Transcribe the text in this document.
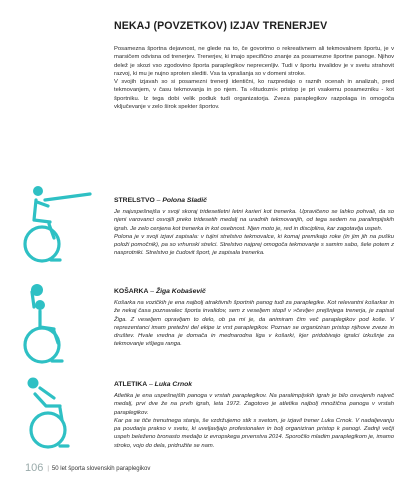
NEKAJ (POVZETKOV) IZJAV TRENERJEV

Posamezna športna dejavnost, ne glede na to, če govorimo o rekreativnem ali tekmovalnem športu, je v marsičem odvisna od trenerjev. Trenerjev, ki imajo specifično znanje za posamezne športne panoge. Njihov delež je skozi vso zgodovino športa paraplegikov neprecenljiv. Tudi v športu invalidov je v svetu strahovit razvoj, ki mu je nujno sproten slediti. Vsa ta vprašanja so v domeni stroke.

V svojih izjavah so si posamezni trenerji identični, ko razpredajo o raznih ocenah in analizah, pred tekmovanjem, v času tekmovanja in po njem. Ta »študozni« pristop je pri vsakemu posamezniku - kot športniku. Iz tega dobi velik podiuk tudi organizatorja. Zveza paraplegikov razpolaga in omogoča vključevanje v zelo širok spekter športov.

STRELSTVO – Polona Sladič

Je najuspešnejša v svoji skoraj tridesetletni letni karieri kot trenerka. Upravičeno se lahko pohvali, da so njeni varovanci osvojili preko tridesetih medalj na uradnih tekmovanjih, od tega sedem na paralimpijskih igrah. Je zelo cenjena kot trenerka in kot osebnost. Njen moto je, red in disciplina, kar zagotavlja uspeh.

Polona je v svoji izjavi zapisala: v tujini strelstvo tekmovalce, ki komaj premikajo roke (in jim jih na pušku položi pomočnik), pa so vrhunski strelci. Strelstvo najprej omogoča tekmovanje s samim sabo, šele potem z nasprotniki. Strelstvo je čudovit šport, je zapisala trenerka.

KOŠARKA – Žiga Kobaševič

Košarka na vozičkih je ena najbolj atraktivnih športnih panog tudi za paraplegike. Kot relevantni košarkar in že nekaj časa poznavalec športa invalidov, sem z veseljem stopil v »čevlje« prejšnjega trenerja, je zapisal Žiga. Z veseljem opravljam to delo, ob pa mi je, da animiram čim več paraplegikov pod koše. V reprezentanci imam pretežni del ekipe iz vrst paraplegikov. Poznan se organiziran pristop njihove zveze in društev. Hvale vredna je domača in mednarodna liga v košarki, kjer pridobivajo igralci izkušnje za tekmovanje višjega ranga.

ATLETIKA – Luka Crnok

Atletika je ena uspešnejših panoga v vrstah paraplegikov. Na paralimpijskih igrah je bilo osvojenih največ medalj, prvi dve že na prvih igrah, leta 1972. Zagotovo je atletika najbolj množična panoga v vrstah paraplegikov.

Kar pa se tiče trenutnega stanja, še vzdržujemo stik s svetom, je izjavil trener Luka Crnok. V nadaljevanju pa poudarja prakso v svetu, ki uveljavljajo profesionalen in bolj organiziran pristop k panogi. Zadnji večji uspeh beleženo bronasto medaljo iz evropskega prvenstva 2014. Sporočilo mladim paraplegikom je, imamo stroko, vojo do dela, pridružite se nam.

106 | 50 let športa slovenskih paraplegikov
